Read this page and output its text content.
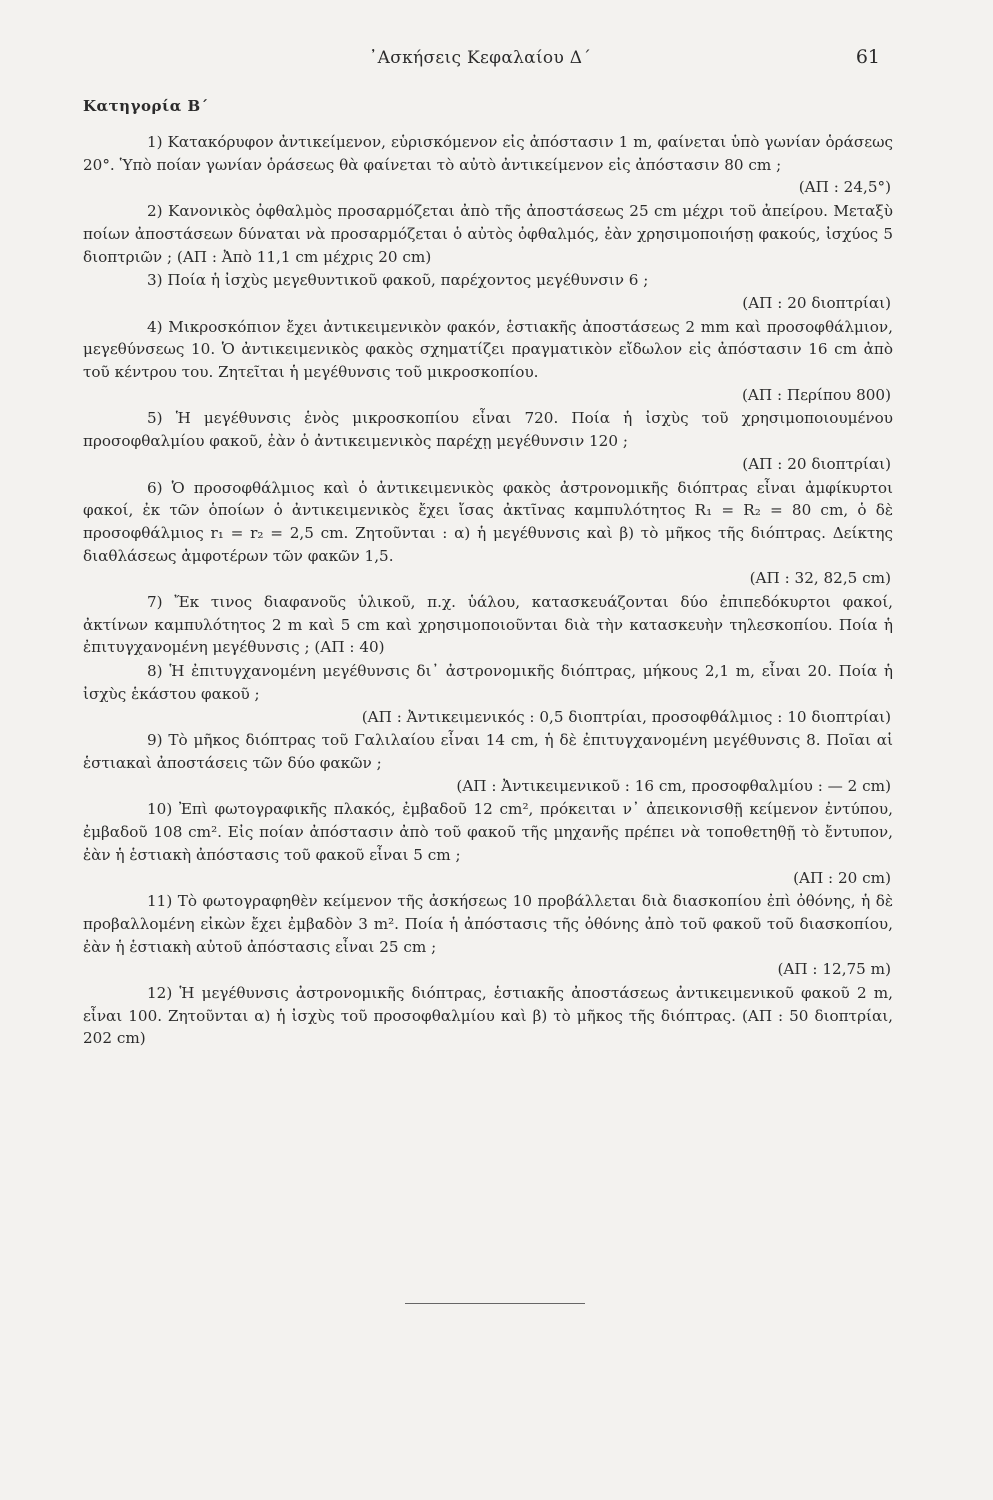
᾿Ασκήσεις Κεφαλαίου Δ΄	61
Κατηγορία Β΄

1) Κατακόρυφον ἀντικείμενον, εὑρισκόμενον εἰς ἀπόστασιν 1 m, φαίνεται ὑπὸ γωνίαν ὁράσεως 20°. Ὑπὸ ποίαν γωνίαν ὁράσεως θὰ φαίνεται τὸ αὐτὸ ἀντικείμενον εἰς ἀπόστασιν 80 cm ;

(ΑΠ : 24,5°)

2) Κανονικὸς ὀφθαλμὸς προσαρμόζεται ἀπὸ τῆς ἀποστάσεως 25 cm μέχρι τοῦ ἀπείρου. Μεταξὺ ποίων ἀποστάσεων δύναται νὰ προσαρμόζεται ὁ αὐτὸς ὀφθαλμός, ἐὰν χρησιμοποιήσῃ φακούς, ἰσχύος 5 διοπτριῶν ; (ΑΠ : Ἀπὸ 11,1 cm μέχρις 20 cm)

3) Ποία ἡ ἰσχὺς μεγεθυντικοῦ φακοῦ, παρέχοντος μεγέθυνσιν 6 ;

(ΑΠ : 20 διοπτρίαι)

4) Μικροσκόπιον ἔχει ἀντικειμενικὸν φακόν, ἑστιακῆς ἀποστάσεως 2 mm καὶ προσοφθάλμιον, μεγεθύνσεως 10. Ὁ ἀντικειμενικὸς φακὸς σχηματίζει πραγματικὸν εἴδωλον εἰς ἀπόστασιν 16 cm ἀπὸ τοῦ κέντρου του. Ζητεῖται ἡ μεγέθυνσις τοῦ μικροσκοπίου.

(ΑΠ : Περίπου 800)

5) Ἡ μεγέθυνσις ἑνὸς μικροσκοπίου εἶναι 720. Ποία ἡ ἰσχὺς τοῦ χρησιμοποιουμένου προσοφθαλμίου φακοῦ, ἐὰν ὁ ἀντικειμενικὸς παρέχῃ μεγέθυνσιν 120 ;

(ΑΠ : 20 διοπτρίαι)

6) Ὁ προσοφθάλμιος καὶ ὁ ἀντικειμενικὸς φακὸς ἀστρονομικῆς διόπτρας εἶναι ἀμφίκυρτοι φακοί, ἐκ τῶν ὁποίων ὁ ἀντικειμενικὸς ἔχει ἴσας ἀκτῖνας καμπυλότητος R₁ = R₂ = 80 cm, ὁ δὲ προσοφθάλμιος r₁ = r₂ = 2,5 cm. Ζητοῦνται : α) ἡ μεγέθυνσις καὶ β) τὸ μῆκος τῆς διόπτρας. Δείκτης διαθλάσεως ἀμφοτέρων τῶν φακῶν 1,5.

(ΑΠ : 32, 82,5 cm)

7) Ἔκ τινος διαφανοῦς ὑλικοῦ, π.χ. ὑάλου, κατασκευάζονται δύο ἐπιπεδόκυρτοι φακοί, ἀκτίνων καμπυλότητος 2 m καὶ 5 cm καὶ χρησιμοποιοῦνται διὰ τὴν κατασκευὴν τηλεσκοπίου. Ποία ἡ ἐπιτυγχανομένη μεγέθυνσις ; (ΑΠ : 40)

8) Ἡ ἐπιτυγχανομένη μεγέθυνσις δι᾿ ἀστρονομικῆς διόπτρας, μήκους 2,1 m, εἶναι 20. Ποία ἡ ἰσχὺς ἑκάστου φακοῦ ;

(ΑΠ : Ἀντικειμενικός : 0,5 διοπτρίαι, προσοφθάλμιος : 10 διοπτρίαι)

9) Τὸ μῆκος διόπτρας τοῦ Γαλιλαίου εἶναι 14 cm, ἡ δὲ ἐπιτυγχανομένη μεγέθυνσις 8. Ποῖαι αἱ ἑστιακαὶ ἀποστάσεις τῶν δύο φακῶν ;

(ΑΠ : Ἀντικειμενικοῦ : 16 cm, προσοφθαλμίου : — 2 cm)

10) Ἐπὶ φωτογραφικῆς πλακός, ἐμβαδοῦ 12 cm², πρόκειται ν᾿ ἀπεικονισθῇ κείμενον ἐντύπου, ἐμβαδοῦ 108 cm². Εἰς ποίαν ἀπόστασιν ἀπὸ τοῦ φακοῦ τῆς μηχανῆς πρέπει νὰ τοποθετηθῇ τὸ ἔντυπον, ἐὰν ἡ ἑστιακὴ ἀπόστασις τοῦ φακοῦ εἶναι 5 cm ;

(ΑΠ : 20 cm)

11) Τὸ φωτογραφηθὲν κείμενον τῆς ἀσκήσεως 10 προβάλλεται διὰ διασκοπίου ἐπὶ ὀθόνης, ἡ δὲ προβαλλομένη εἰκὼν ἔχει ἐμβαδὸν 3 m². Ποία ἡ ἀπόστασις τῆς ὀθόνης ἀπὸ τοῦ φακοῦ τοῦ διασκοπίου, ἐὰν ἡ ἑστιακὴ αὐτοῦ ἀπόστασις εἶναι 25 cm ;

(ΑΠ : 12,75 m)

12) Ἡ μεγέθυνσις ἀστρονομικῆς διόπτρας, ἑστιακῆς ἀποστάσεως ἀντικειμενικοῦ φακοῦ 2 m, εἶναι 100. Ζητοῦνται α) ἡ ἰσχὺς τοῦ προσοφθαλμίου καὶ β) τὸ μῆκος τῆς διόπτρας. (ΑΠ : 50 διοπτρίαι, 202 cm)
